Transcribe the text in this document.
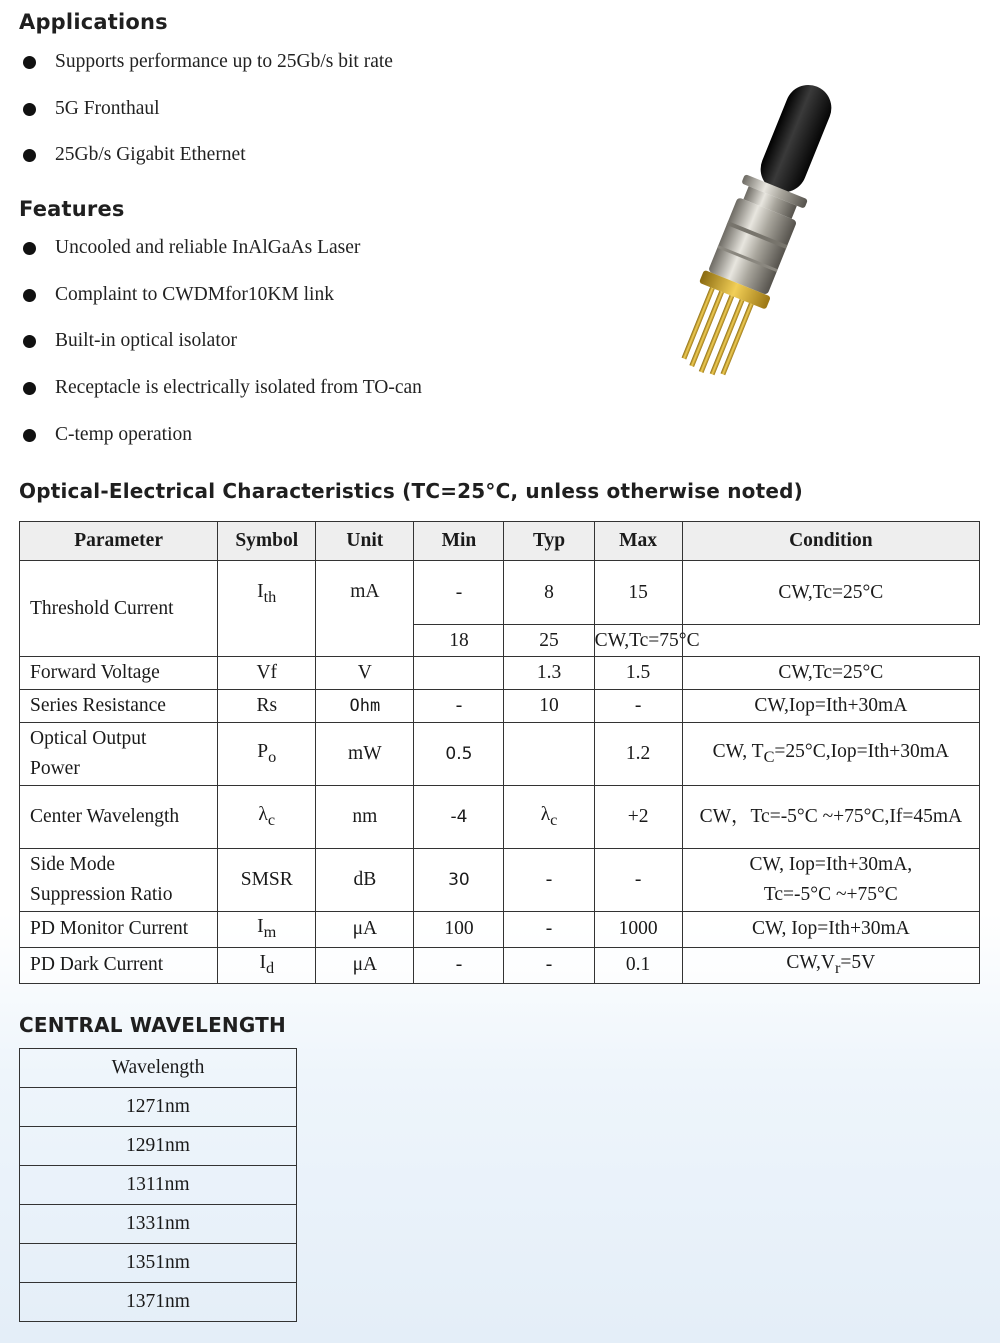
Applications
Supports performance up to 25Gb/s bit rate
5G Fronthaul
25Gb/s Gigabit Ethernet
Features
Uncooled and reliable InAlGaAs Laser
Complaint to CWDMfor10KM link
Built-in optical isolator
Receptacle is electrically isolated from TO-can
C-temp operation
Optical-Electrical Characteristics (TC=25°C, unless otherwise noted)
Parameter	Symbol	Unit	Min	Typ	Max	Condition
Threshold Current	$I_{th}$	mA	-	8	15	CW,Tc=25°C
			18	25	CW,Tc=75°C	
Forward Voltage	Vf	V		1.3	1.5	CW,Tc=25°C
Series Resistance	Rs	Ohm	-	10	-	CW,Iop=Ith+30mA
Optical Output
Power	$P_o$	mW	0.5		1.2	CW, $T_C=25^\circ C,Iop=Ith+30mA$
Center Wavelength	$\lambda_c$	nm	-4	$\lambda_c$	+2	CW，Tc=-5°C ~+75°C,If=45mA
Side Mode
Suppression Ratio	SMSR	dB	30	-	-	CW, Iop=Ith+30mA,
Tc=-5°C ~+75°C
PD Monitor Current	$I_m$	μA	100	-	1000	CW, Iop=Ith+30mA
PD Dark Current	$I_d$	μA	-	-	0.1	$CW,V_r=5V$
CENTRAL WAVELENGTH
Wavelength
1271nm
1291nm
1311nm
1331nm
1351nm
1371nm
